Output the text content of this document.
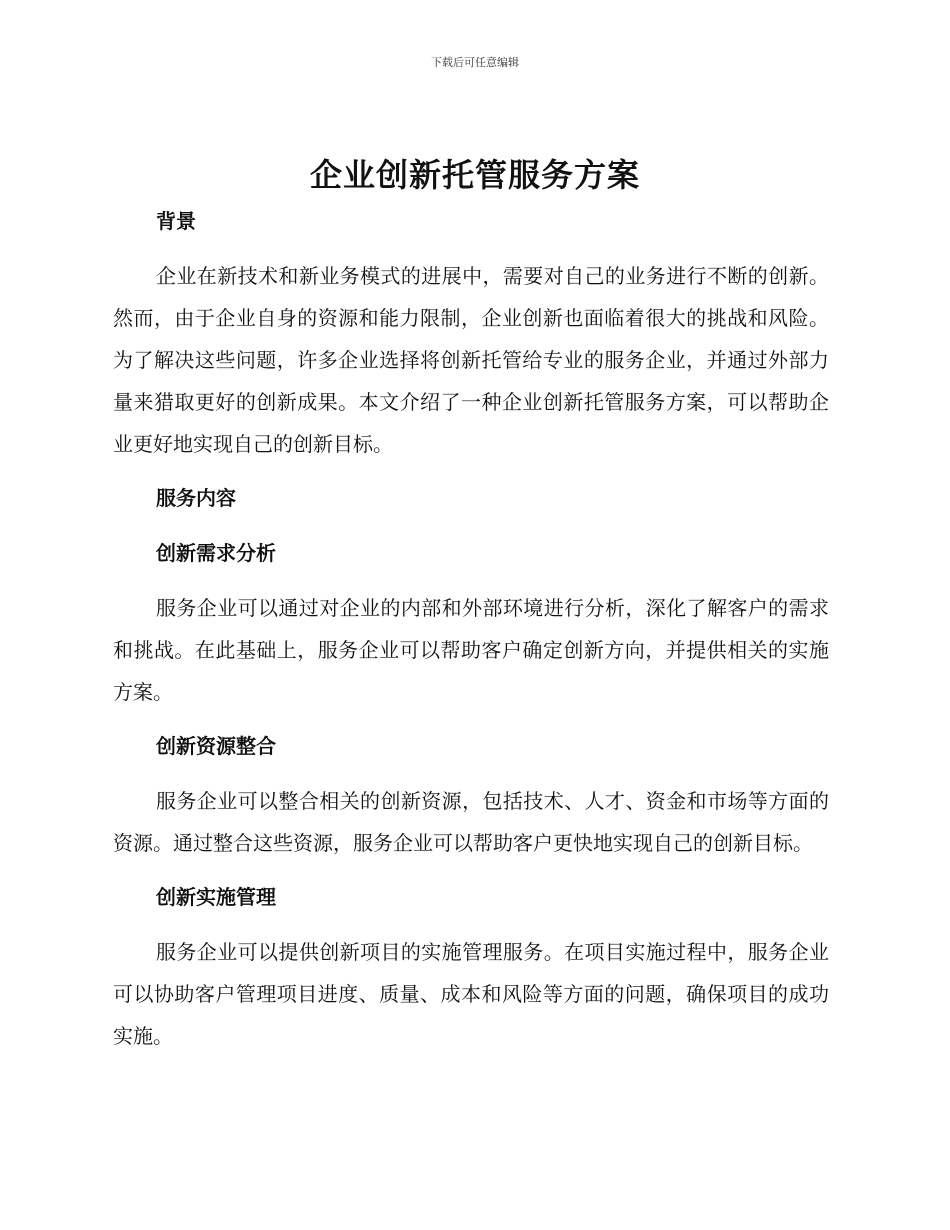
下载后可任意编辑
企业创新托管服务方案
背景

企业在新技术和新业务模式的进展中，需要对自己的业务进行不断的创新。然而，由于企业自身的资源和能力限制，企业创新也面临着很大的挑战和风险。为了解决这些问题，许多企业选择将创新托管给专业的服务企业，并通过外部力量来猎取更好的创新成果。本文介绍了一种企业创新托管服务方案，可以帮助企业更好地实现自己的创新目标。

服务内容
创新需求分析

服务企业可以通过对企业的内部和外部环境进行分析，深化了解客户的需求和挑战。在此基础上，服务企业可以帮助客户确定创新方向，并提供相关的实施方案。

创新资源整合

服务企业可以整合相关的创新资源，包括技术、人才、资金和市场等方面的资源。通过整合这些资源，服务企业可以帮助客户更快地实现自己的创新目标。

创新实施管理

服务企业可以提供创新项目的实施管理服务。在项目实施过程中，服务企业可以协助客户管理项目进度、质量、成本和风险等方面的问题，确保项目的成功实施。
